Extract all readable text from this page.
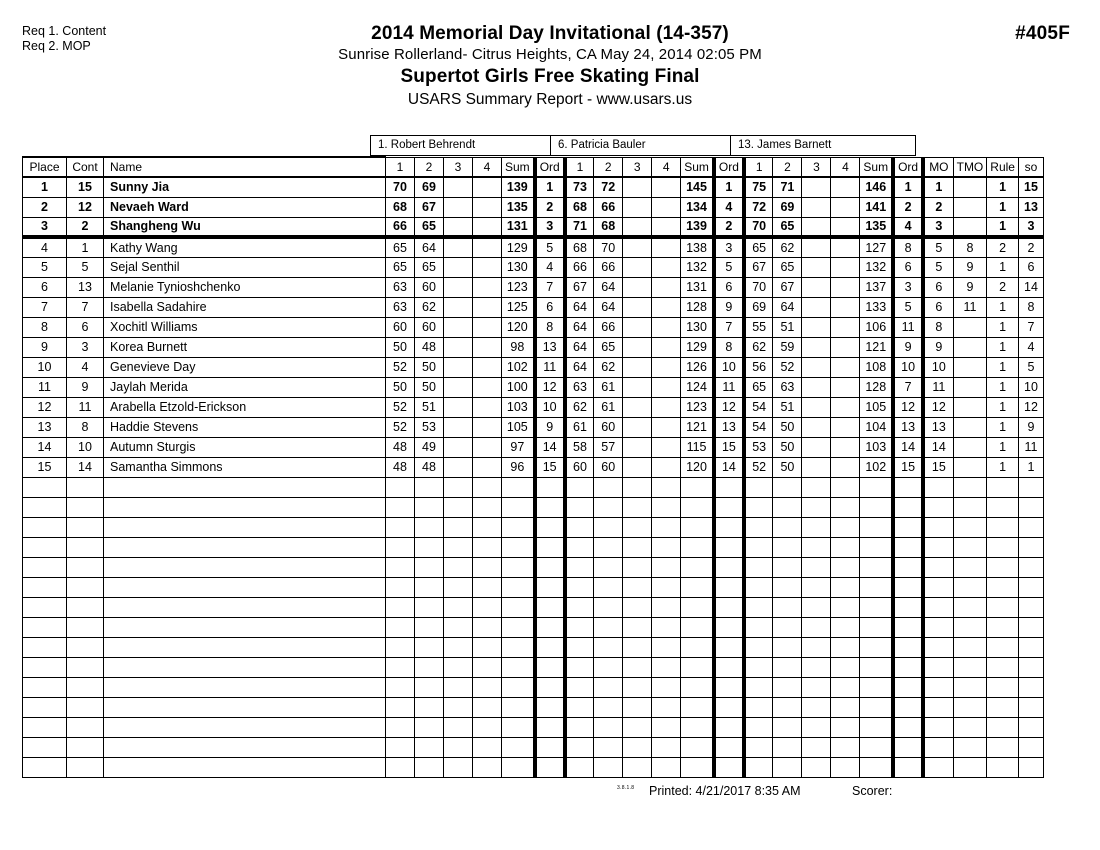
Req 1. Content
Req 2. MOP
#405F
2014 Memorial Day Invitational (14-357)
Sunrise Rollerland- Citrus Heights, CA May 24, 2014 02:05 PM
Supertot Girls Free Skating Final
USARS Summary Report - www.usars.us
1. Robert Behrendt	6. Patricia Bauler	13. James Barnett
Place	Cont	Name	1	2	3	4	Sum	Ord	1	2	3	4	Sum	Ord	1	2	3	4	Sum	Ord	MO	TMO	Rule	so
1	15	Sunny Jia	70	69			139	1	73	72			145	1	75	71			146	1	1		1	15
2	12	Nevaeh Ward	68	67			135	2	68	66			134	4	72	69			141	2	2		1	13
3	2	Shangheng Wu	66	65			131	3	71	68			139	2	70	65			135	4	3		1	3
4	1	Kathy Wang	65	64			129	5	68	70			138	3	65	62			127	8	5	8	2	2
5	5	Sejal Senthil	65	65			130	4	66	66			132	5	67	65			132	6	5	9	1	6
6	13	Melanie Tynioshchenko	63	60			123	7	67	64			131	6	70	67			137	3	6	9	2	14
7	7	Isabella Sadahire	63	62			125	6	64	64			128	9	69	64			133	5	6	11	1	8
8	6	Xochitl Williams	60	60			120	8	64	66			130	7	55	51			106	11	8		1	7
9	3	Korea Burnett	50	48			98	13	64	65			129	8	62	59			121	9	9		1	4
10	4	Genevieve Day	52	50			102	11	64	62			126	10	56	52			108	10	10		1	5
11	9	Jaylah Merida	50	50			100	12	63	61			124	11	65	63			128	7	11		1	10
12	11	Arabella Etzold-Erickson	52	51			103	10	62	61			123	12	54	51			105	12	12		1	12
13	8	Haddie Stevens	52	53			105	9	61	60			121	13	54	50			104	13	13		1	9
14	10	Autumn Sturgis	48	49			97	14	58	57			115	15	53	50			103	14	14		1	11
15	14	Samantha Simmons	48	48			96	15	60	60			120	14	52	50			102	15	15		1	1

3.8.1.8 Printed: 4/21/2017 8:35 AM	Scorer:
